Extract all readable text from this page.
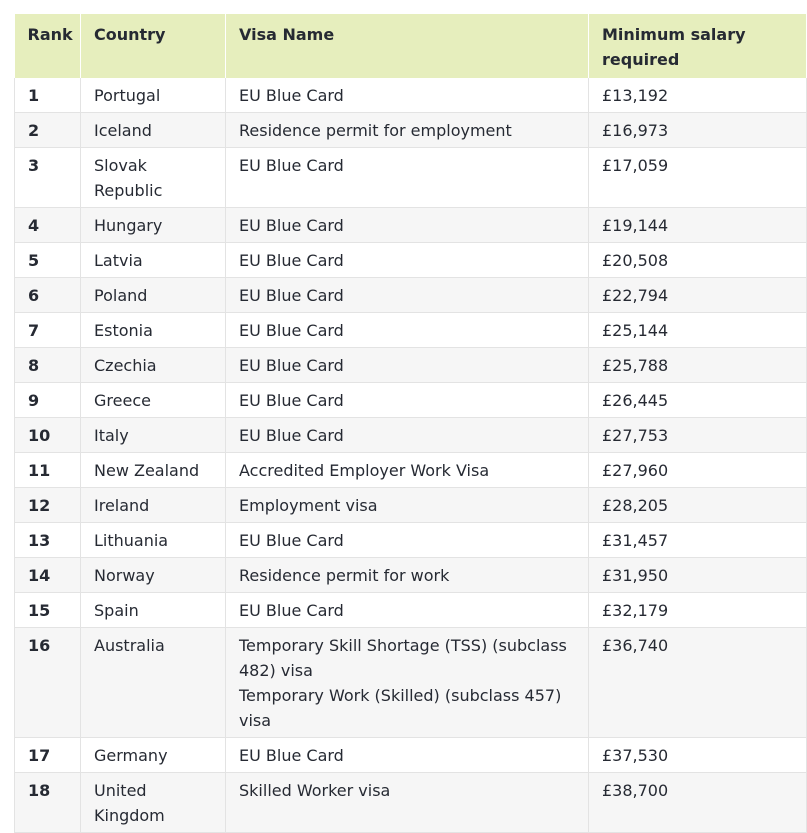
Rank	Country	Visa Name	Minimum salary required
1	Portugal	EU Blue Card	£13,192
2	Iceland	Residence permit for employment	£16,973
3	Slovak Republic	EU Blue Card	£17,059
4	Hungary	EU Blue Card	£19,144
5	Latvia	EU Blue Card	£20,508
6	Poland	EU Blue Card	£22,794
7	Estonia	EU Blue Card	£25,144
8	Czechia	EU Blue Card	£25,788
9	Greece	EU Blue Card	£26,445
10	Italy	EU Blue Card	£27,753
11	New Zealand	Accredited Employer Work Visa	£27,960
12	Ireland	Employment visa	£28,205
13	Lithuania	EU Blue Card	£31,457
14	Norway	Residence permit for work	£31,950
15	Spain	EU Blue Card	£32,179
16	Australia	Temporary Skill Shortage (TSS) (subclass 482) visa
Temporary Work (Skilled) (subclass 457) visa	£36,740
17	Germany	EU Blue Card	£37,530
18	United Kingdom	Skilled Worker visa	£38,700
